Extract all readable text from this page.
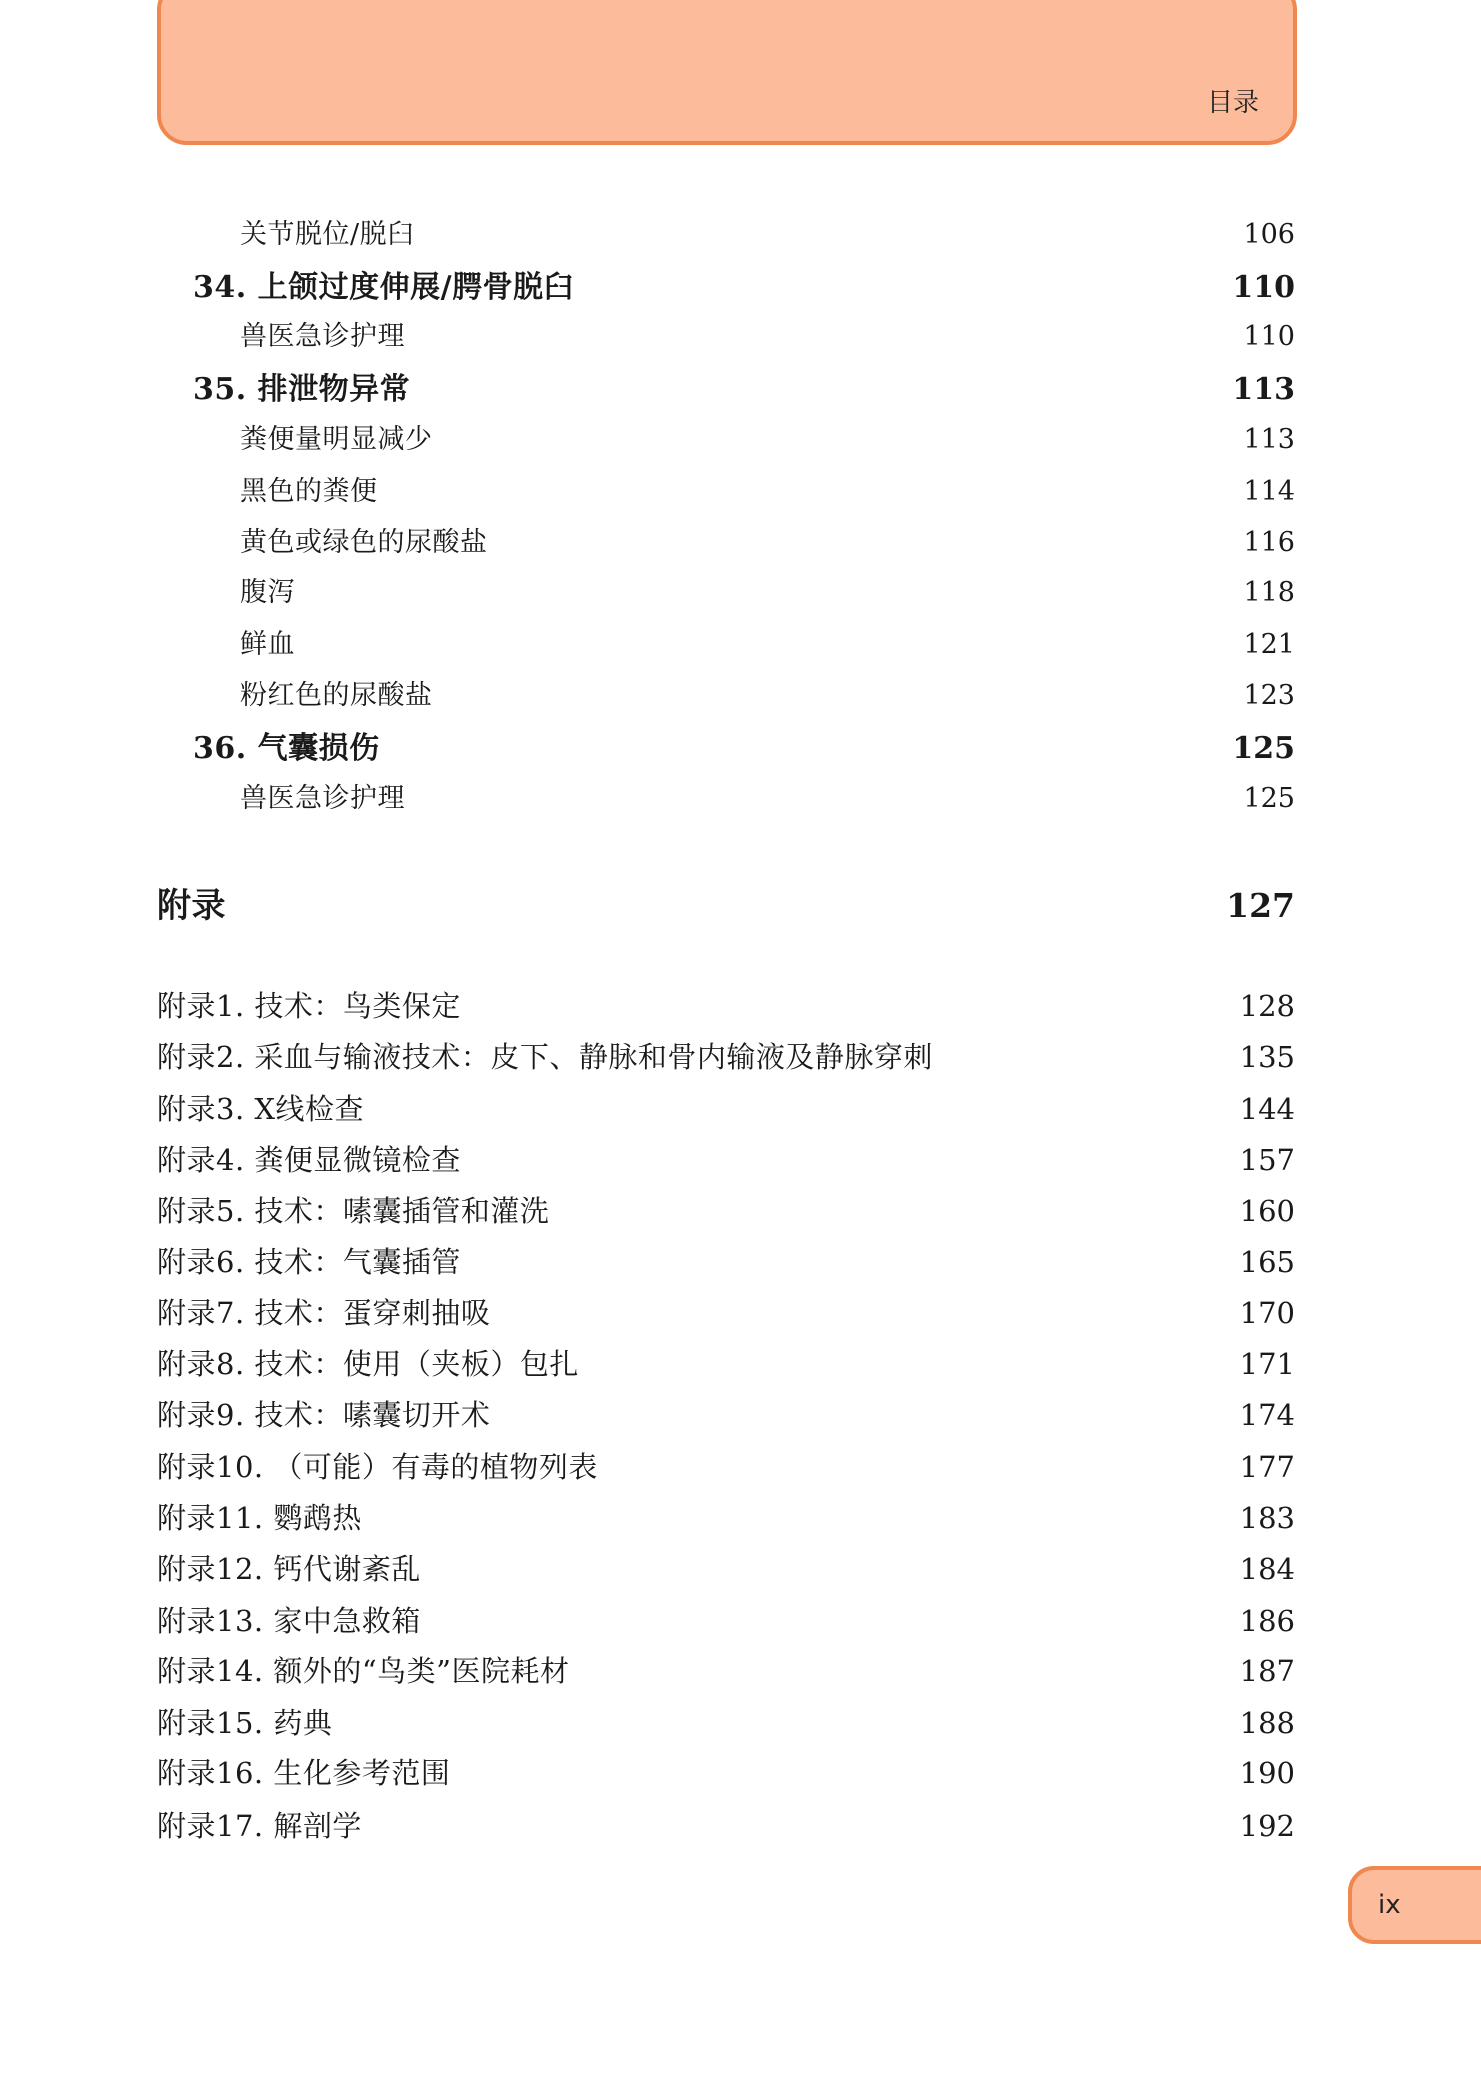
目录
关节脱位/脱臼	106
34. 上颌过度伸展/腭骨脱臼	110
兽医急诊护理	110
35. 排泄物异常	113
粪便量明显减少	113
黑色的粪便	114
黄色或绿色的尿酸盐	116
腹泻	118
鲜血	121
粉红色的尿酸盐	123
36. 气囊损伤	125
兽医急诊护理	125
附录	127
附录1. 技术：鸟类保定	128
附录2. 采血与输液技术：皮下、静脉和骨内输液及静脉穿刺	135
附录3. X线检查	144
附录4. 粪便显微镜检查	157
附录5. 技术：嗉囊插管和灌洗	160
附录6. 技术：气囊插管	165
附录7. 技术：蛋穿刺抽吸	170
附录8. 技术：使用（夹板）包扎	171
附录9. 技术：嗉囊切开术	174
附录10. （可能）有毒的植物列表	177
附录11. 鹦鹉热	183
附录12. 钙代谢紊乱	184
附录13. 家中急救箱	186
附录14. 额外的“鸟类”医院耗材	187
附录15. 药典	188
附录16. 生化参考范围	190
附录17. 解剖学	192
ix
